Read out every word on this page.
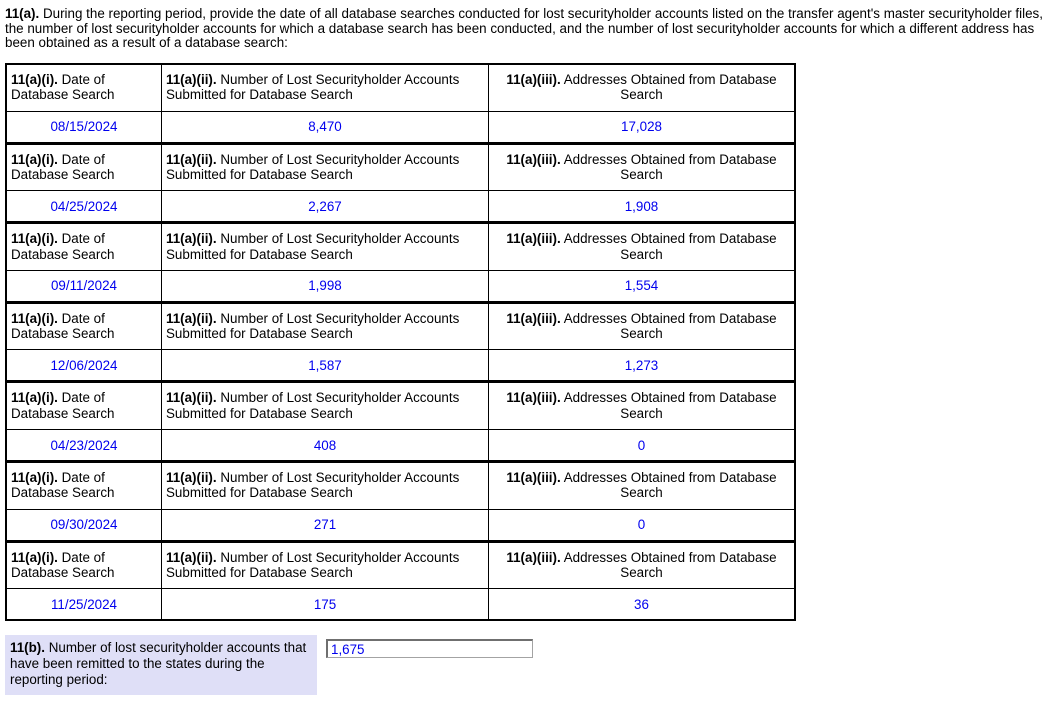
11(a). During the reporting period, provide the date of all database searches conducted for lost securityholder accounts listed on the transfer agent's master securityholder files, the number of lost securityholder accounts for which a database search has been conducted, and the number of lost securityholder accounts for which a different address has been obtained as a result of a database search:
11(a)(i). Date of Database Search	11(a)(ii). Number of Lost Securityholder Accounts Submitted for Database Search	11(a)(iii). Addresses Obtained from Database Search
08/15/2024	8,470	17,028
11(a)(i). Date of Database Search	11(a)(ii). Number of Lost Securityholder Accounts Submitted for Database Search	11(a)(iii). Addresses Obtained from Database Search
04/25/2024	2,267	1,908
11(a)(i). Date of Database Search	11(a)(ii). Number of Lost Securityholder Accounts Submitted for Database Search	11(a)(iii). Addresses Obtained from Database Search
09/11/2024	1,998	1,554
11(a)(i). Date of Database Search	11(a)(ii). Number of Lost Securityholder Accounts Submitted for Database Search	11(a)(iii). Addresses Obtained from Database Search
12/06/2024	1,587	1,273
11(a)(i). Date of Database Search	11(a)(ii). Number of Lost Securityholder Accounts Submitted for Database Search	11(a)(iii). Addresses Obtained from Database Search
04/23/2024	408	0
11(a)(i). Date of Database Search	11(a)(ii). Number of Lost Securityholder Accounts Submitted for Database Search	11(a)(iii). Addresses Obtained from Database Search
09/30/2024	271	0
11(a)(i). Date of Database Search	11(a)(ii). Number of Lost Securityholder Accounts Submitted for Database Search	11(a)(iii). Addresses Obtained from Database Search
11/25/2024	175	36
11(b). Number of lost securityholder accounts that have been remitted to the states during the reporting period:
1,675
